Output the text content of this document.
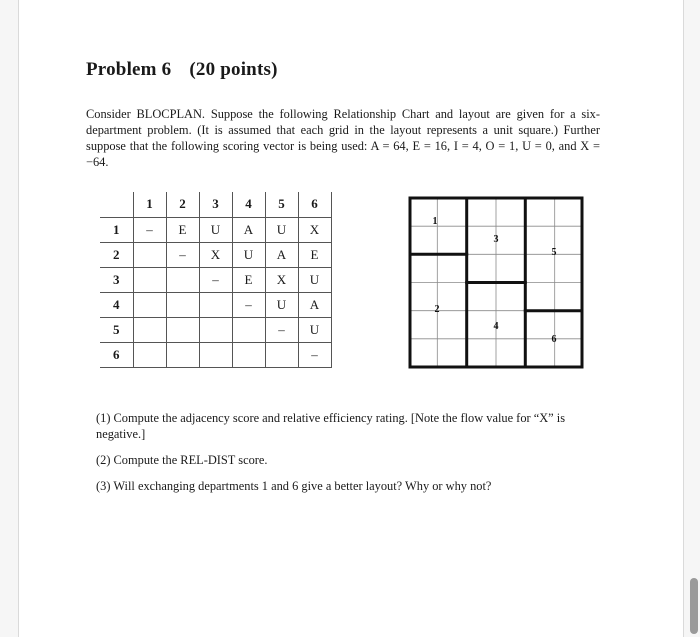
Problem 6 (20 points)

Consider BLOCPLAN. Suppose the following Relationship Chart and layout are given for a six-department problem. (It is assumed that each grid in the layout represents a unit square.) Further suppose that the following scoring vector is being used: A = 64, E = 16, I = 4, O = 1, U = 0, and X = −64.

	1	2	3	4	5	6
1	–	E	U	A	U	X
2		–	X	U	A	E
3			–	E	X	U
4				–	U	A
5					–	U
6						–
1
2
3
4
5
6
(1) Compute the adjacency score and relative efficiency rating. [Note the flow value for “X” is negative.]
(2) Compute the REL-DIST score.
(3) Will exchanging departments 1 and 6 give a better layout? Why or why not?
